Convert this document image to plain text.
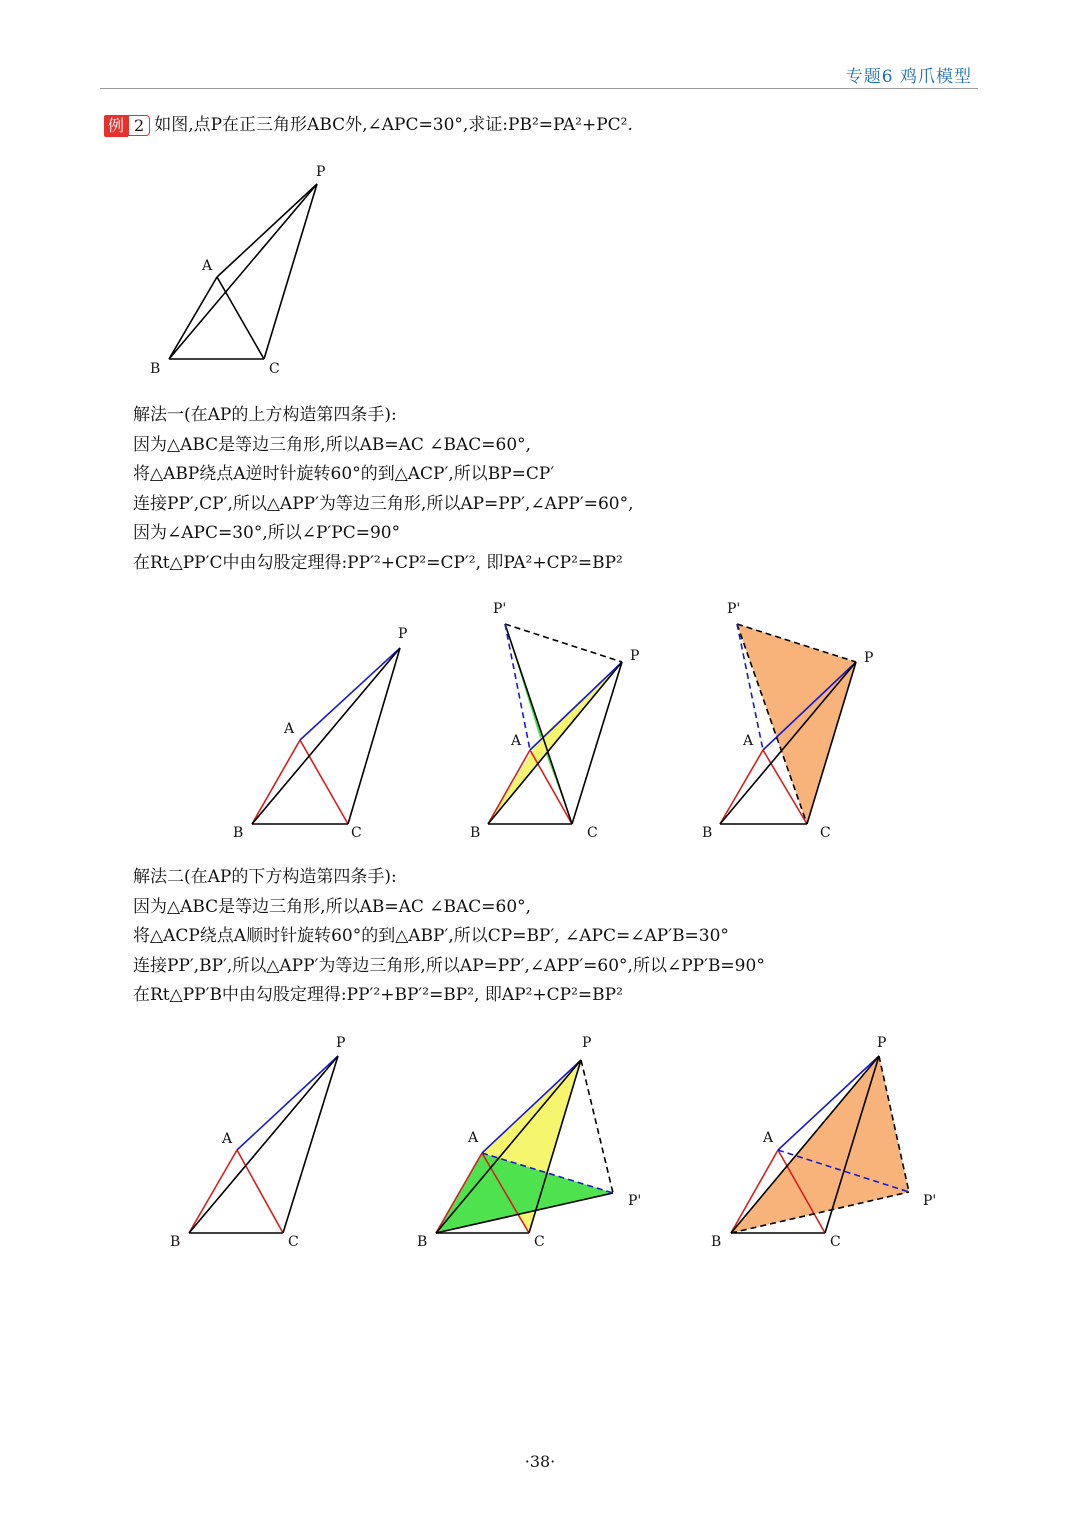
专题6 鸡爪模型
例 2 如图,点P在正三角形ABC外,∠APC=30°,求证:PB²=PA²+PC².
P
A
B	C

解法一(在AP的上方构造第四条手):

因为△ABC是等边三角形,所以AB=AC ∠BAC=60°,

将△ABP绕点A逆时针旋转60°的到△ACP′,所以BP=CP′

连接PP′,CP′,所以△APP′为等边三角形,所以AP=PP′,∠APP′=60°,

因为∠APC=30°,所以∠P′PC=90°

在Rt△PP′C中由勾股定理得:PP′²+CP²=CP′², 即PA²+CP²=BP²

P
A
B	C
P'
P
A
B	C
P'
P
A
B	C

解法二(在AP的下方构造第四条手):

因为△ABC是等边三角形,所以AB=AC ∠BAC=60°,

将△ACP绕点A顺时针旋转60°的到△ABP′,所以CP=BP′, ∠APC=∠AP′B=30°

连接PP′,BP′,所以△APP′为等边三角形,所以AP=PP′,∠APP′=60°,所以∠PP′B=90°

在Rt△PP′B中由勾股定理得:PP′²+BP′²=BP², 即AP²+CP²=BP²

P
A
B	C
P
A
P'
B	C
P
A
P'
B	C
·38·
